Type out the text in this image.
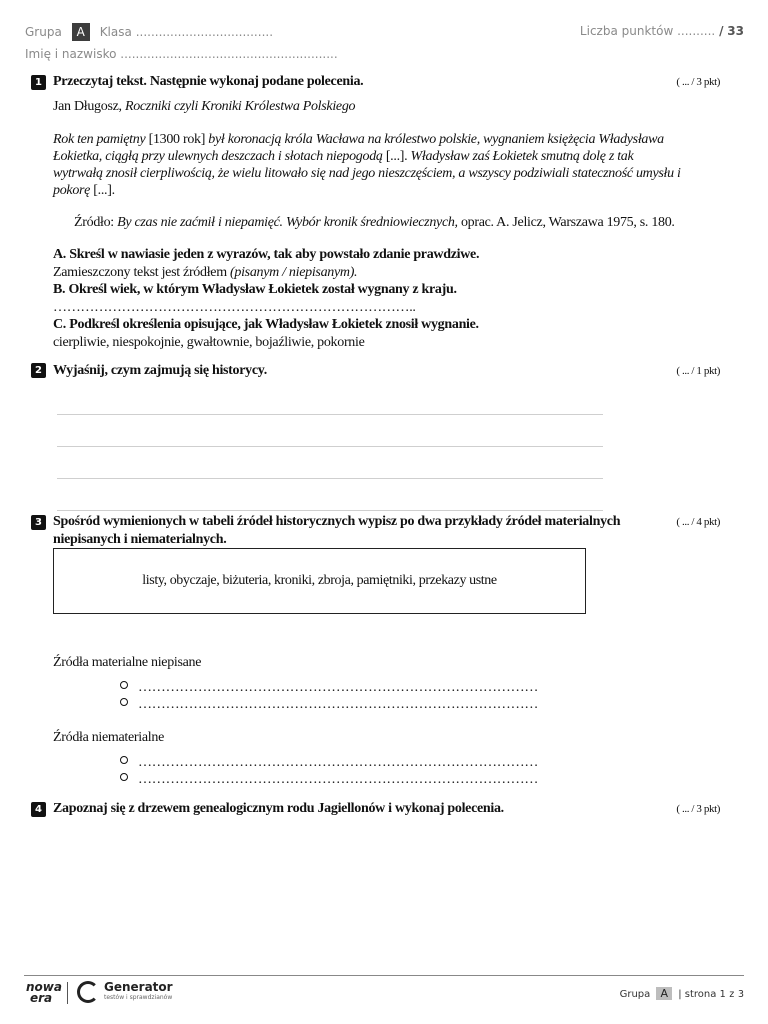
Grupa A Klasa ....................................
Imię i nazwisko .........................................................
Liczba punktów .......... / 33
1 Przeczytaj tekst. Następnie wykonaj podane polecenia.	( ... / 3 pkt)
Jan Długosz, Roczniki czyli Kroniki Królestwa Polskiego
Rok ten pamiętny [1300 rok] był koronacją króla Wacława na królestwo polskie, wygnaniem księżęcia Władysława
Łokietka, ciągłą przy ulewnych deszczach i słotach niepogodą [...]. Władysław zaś Łokietek smutną dolę z tak
wytrwałą znosił cierpliwością, że wielu litowało się nad jego nieszczęściem, a wszyscy podziwiali stateczność umysłu i
pokorę [...].
Źródło: By czas nie zaćmił i niepamięć. Wybór kronik średniowiecznych, oprac. A. Jelicz, Warszawa 1975, s. 180.
A. Skreśl w nawiasie jeden z wyrazów, tak aby powstało zdanie prawdziwe.
Zamieszczony tekst jest źródłem (pisanym / niepisanym).
B. Określ wiek, w którym Władysław Łokietek został wygnany z kraju.
……………………………………………………………………..
C. Podkreśl określenia opisujące, jak Władysław Łokietek znosił wygnanie.
cierpliwie, niespokojnie, gwałtownie, bojaźliwie, pokornie
2 Wyjaśnij, czym zajmują się historycy.	( ... / 1 pkt)
3 Spośród wymienionych w tabeli źródeł historycznych wypisz po dwa przykłady źródeł materialnych
niepisanych i niematerialnych.
( ... / 4 pkt)
listy, obyczaje, biżuteria, kroniki, zbroja, pamiętniki, przekazy ustne
Źródła materialne niepisane
……………………………………………………………………………
……………………………………………………………………………
Źródła niematerialne
……………………………………………………………………………
……………………………………………………………………………
4 Zapoznaj się z drzewem genealogicznym rodu Jagiellonów i wykonaj polecenia.	( ... / 3 pkt)
nowa
era
Generator
testów i sprawdzianów	Grupa A | strona 1 z 3
